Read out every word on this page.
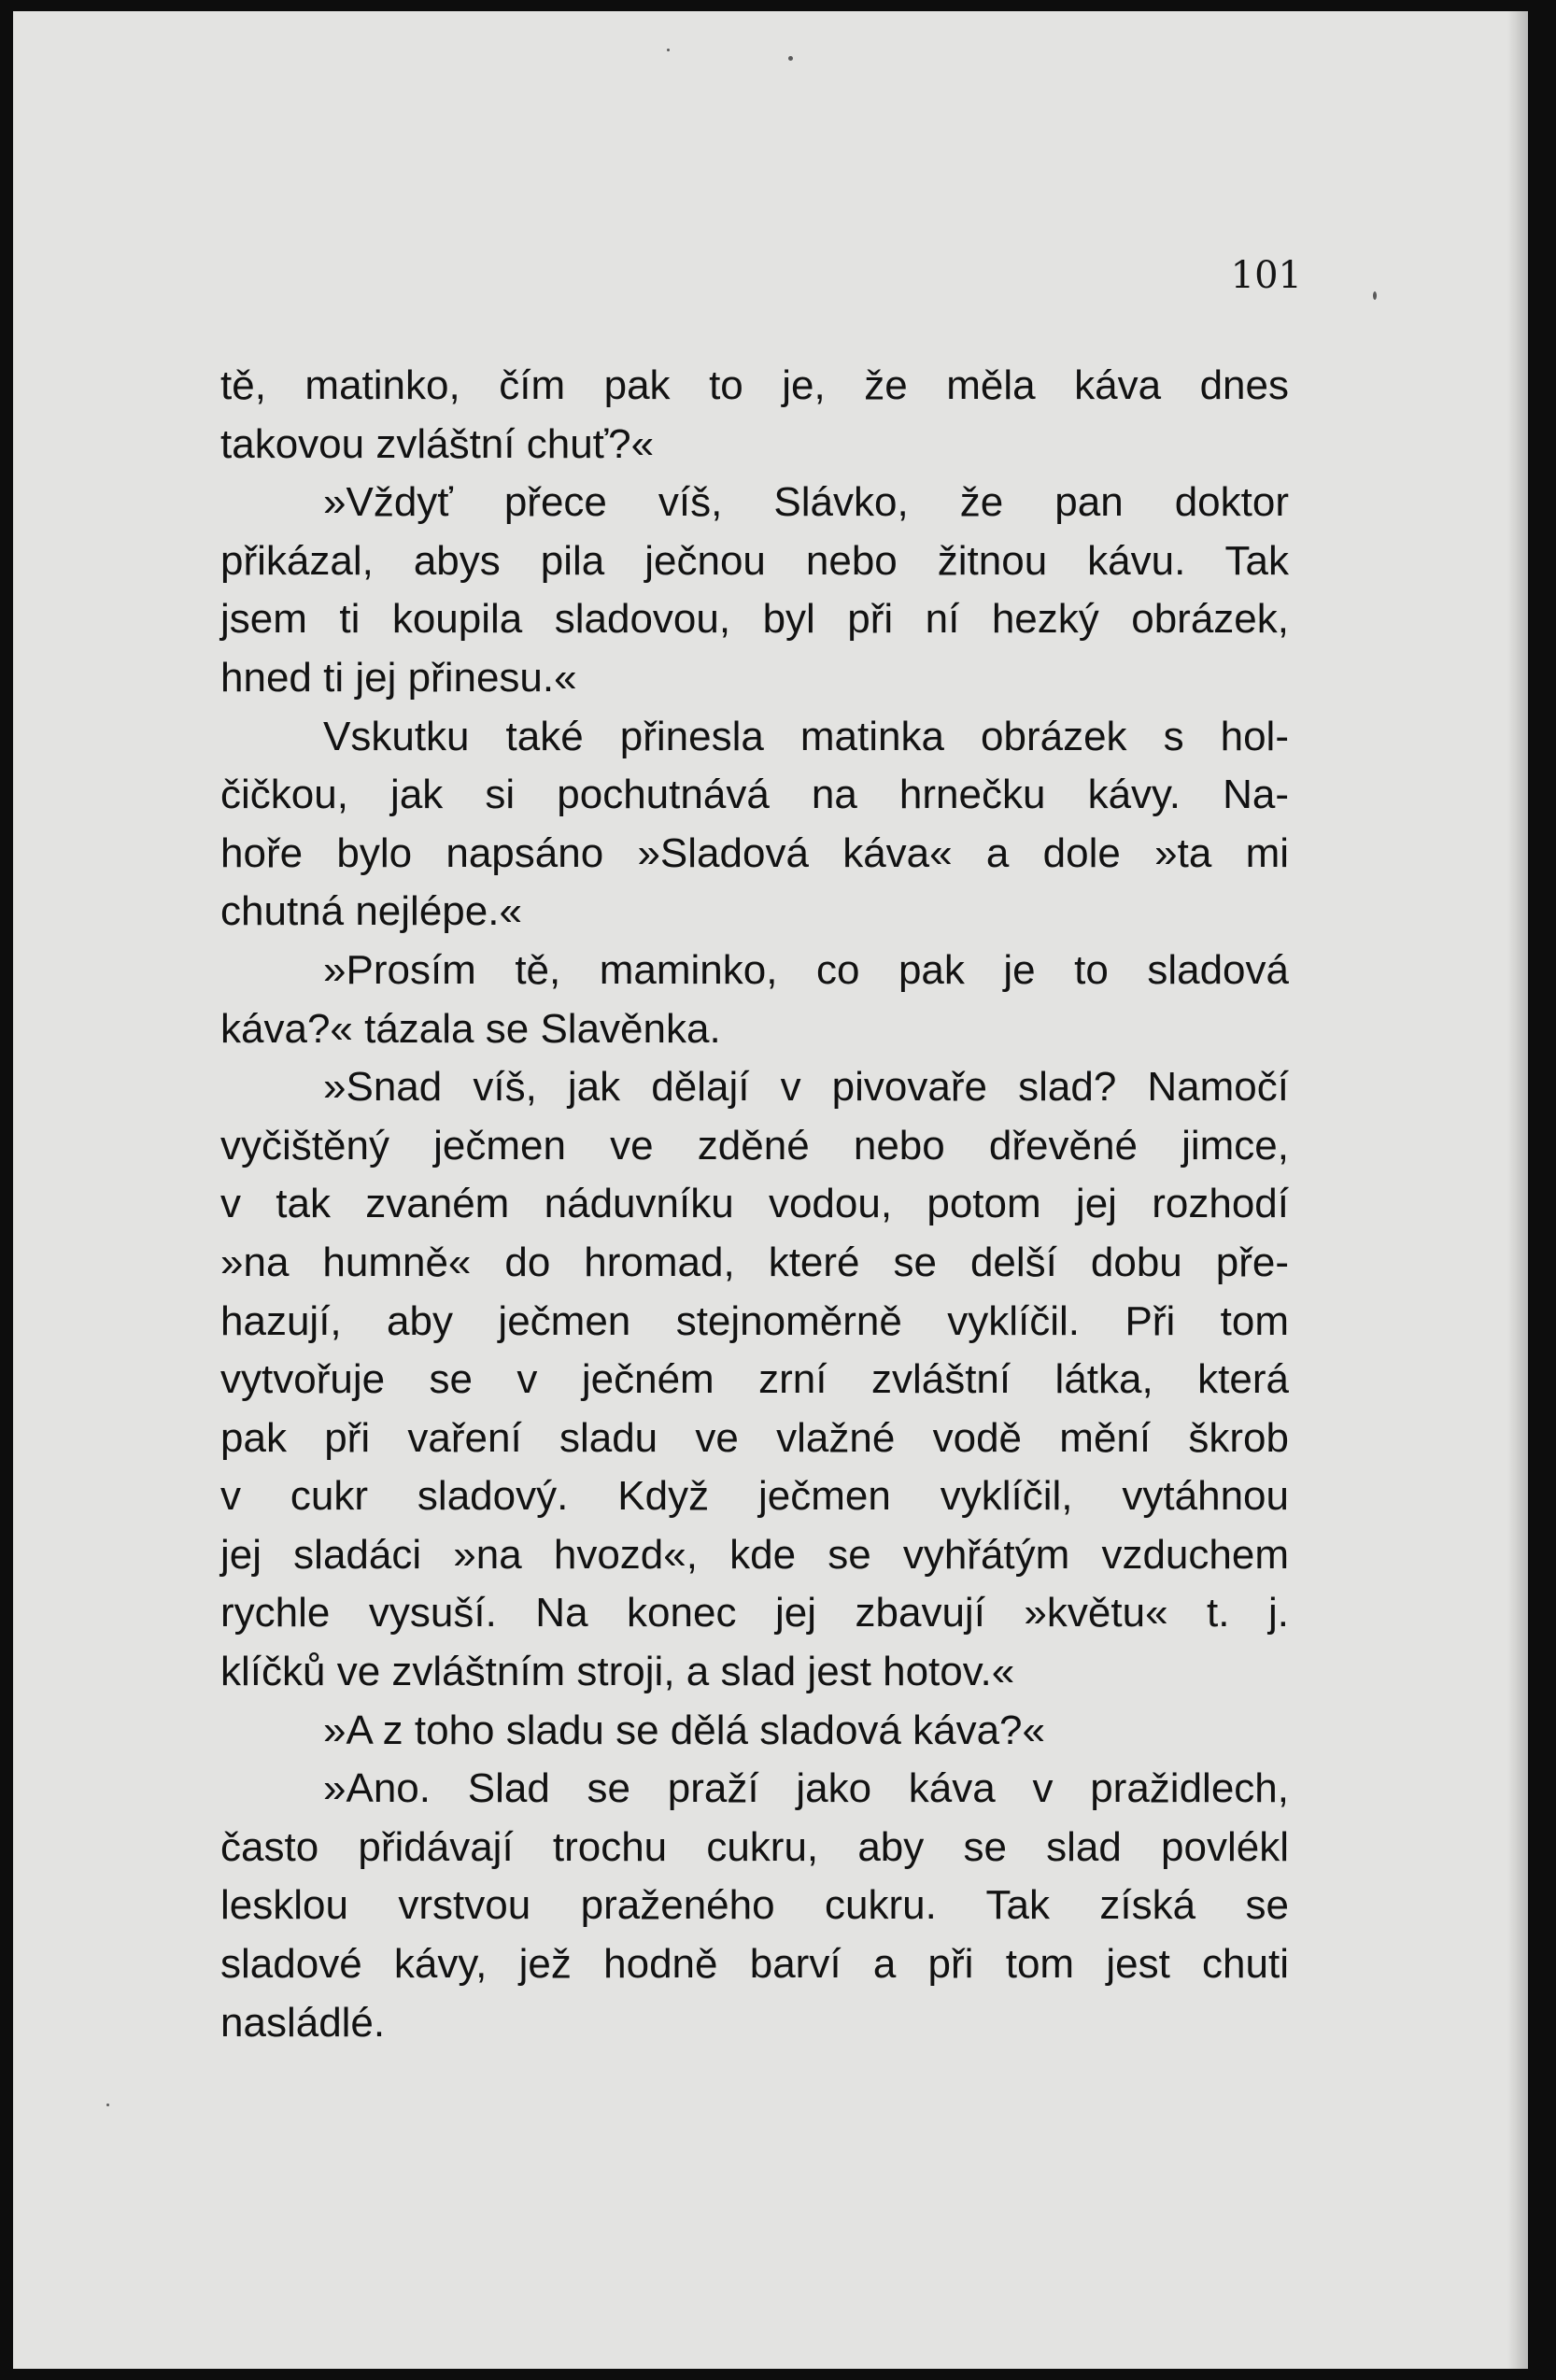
101

tě, matinko, čím pak to je, že měla káva dnes
takovou zvláštní chuť?«
»Vždyť přece víš, Slávko, že pan doktor
přikázal, abys pila ječnou nebo žitnou kávu. Tak
jsem ti koupila sladovou, byl při ní hezký obrázek,
hned ti jej přinesu.«
Vskutku také přinesla matinka obrázek s hol-
čičkou, jak si pochutnává na hrnečku kávy. Na-
hoře bylo napsáno »Sladová káva« a dole »ta mi
chutná nejlépe.«
»Prosím tě, maminko, co pak je to sladová
káva?« tázala se Slavěnka.
»Snad víš, jak dělají v pivovaře slad? Namočí
vyčištěný ječmen ve zděné nebo dřevěné jimce,
v tak zvaném náduvníku vodou, potom jej rozhodí
»na humně« do hromad, které se delší dobu pře-
hazují, aby ječmen stejnoměrně vyklíčil. Při tom
vytvořuje se v ječném zrní zvláštní látka, která
pak při vaření sladu ve vlažné vodě mění škrob
v cukr sladový. Když ječmen vyklíčil, vytáhnou
jej sladáci »na hvozd«, kde se vyhřátým vzduchem
rychle vysuší. Na konec jej zbavují »květu« t. j.
klíčků ve zvláštním stroji, a slad jest hotov.«
»A z toho sladu se dělá sladová káva?«
»Ano. Slad se praží jako káva v pražidlech,
často přidávají trochu cukru, aby se slad povlékl
lesklou vrstvou praženého cukru. Tak získá se
sladové kávy, jež hodně barví a při tom jest chuti
nasládlé.
